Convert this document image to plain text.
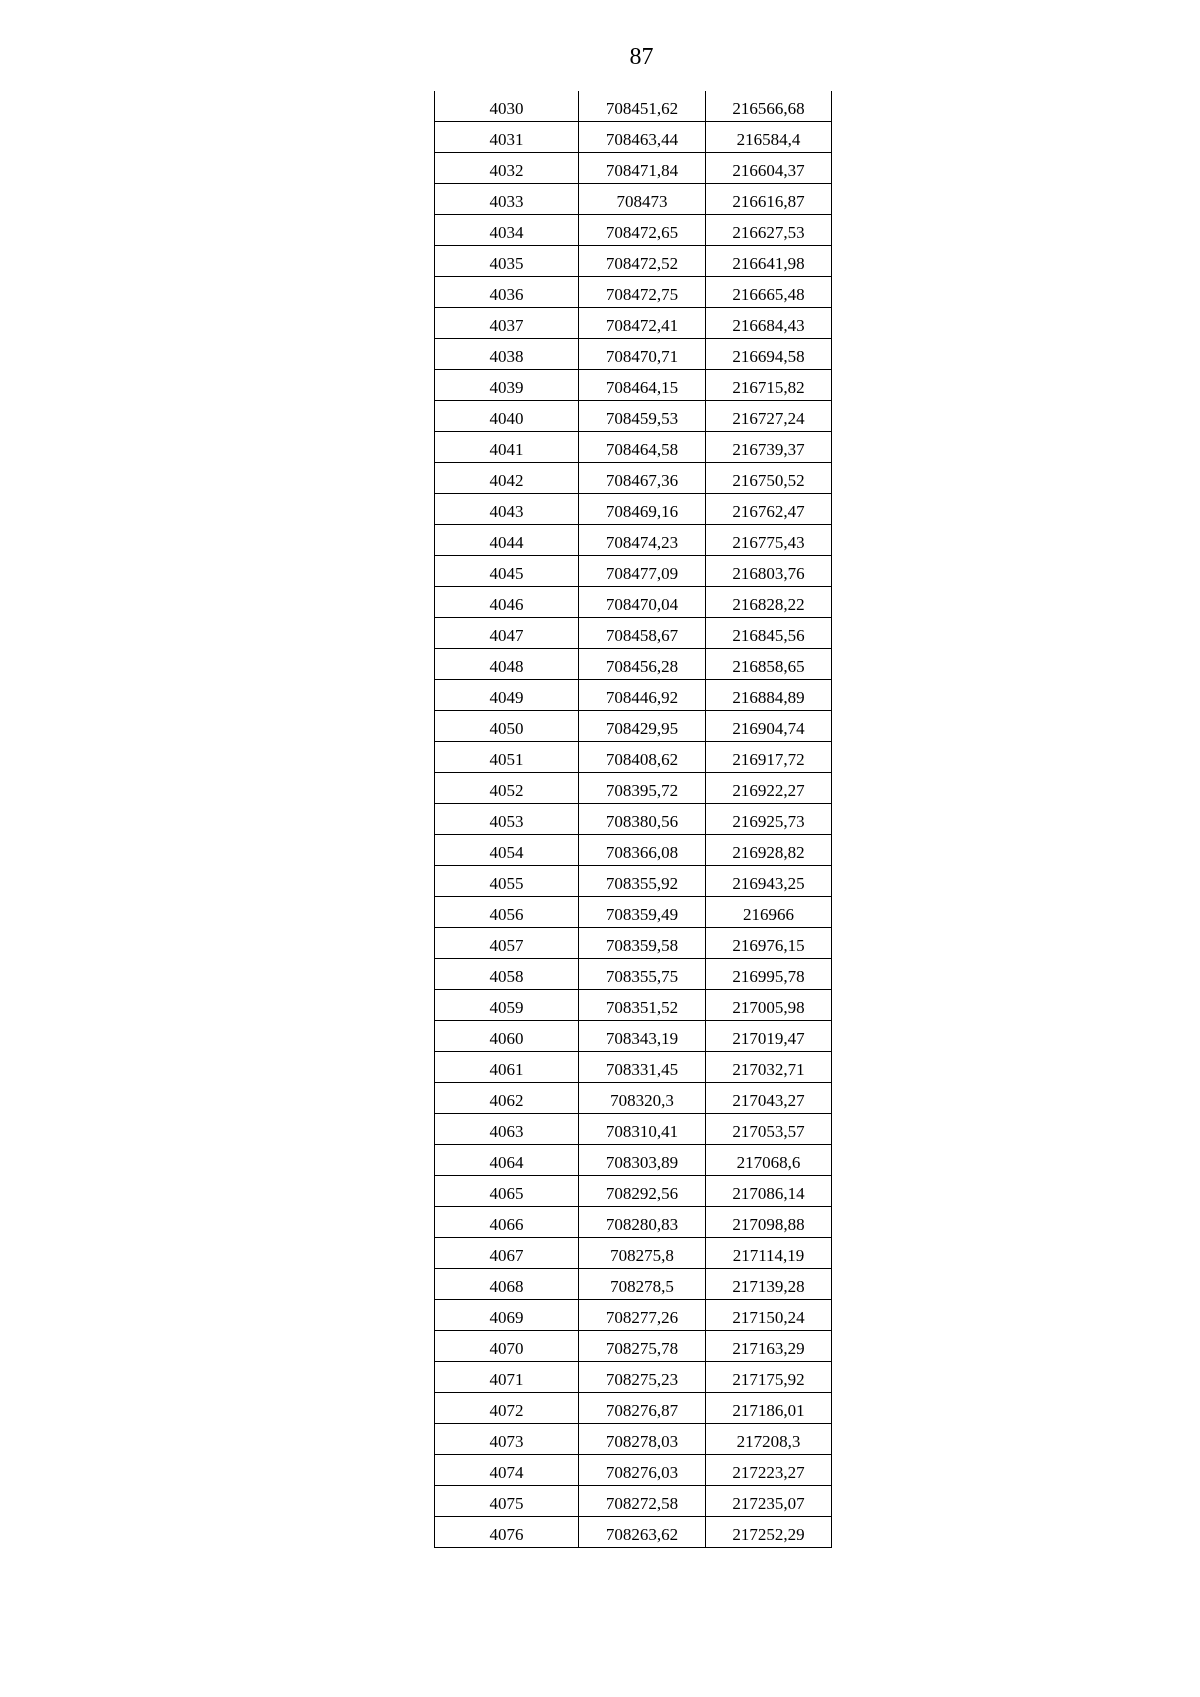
87
4030	708451,62	216566,68
4031	708463,44	216584,4
4032	708471,84	216604,37
4033	708473	216616,87
4034	708472,65	216627,53
4035	708472,52	216641,98
4036	708472,75	216665,48
4037	708472,41	216684,43
4038	708470,71	216694,58
4039	708464,15	216715,82
4040	708459,53	216727,24
4041	708464,58	216739,37
4042	708467,36	216750,52
4043	708469,16	216762,47
4044	708474,23	216775,43
4045	708477,09	216803,76
4046	708470,04	216828,22
4047	708458,67	216845,56
4048	708456,28	216858,65
4049	708446,92	216884,89
4050	708429,95	216904,74
4051	708408,62	216917,72
4052	708395,72	216922,27
4053	708380,56	216925,73
4054	708366,08	216928,82
4055	708355,92	216943,25
4056	708359,49	216966
4057	708359,58	216976,15
4058	708355,75	216995,78
4059	708351,52	217005,98
4060	708343,19	217019,47
4061	708331,45	217032,71
4062	708320,3	217043,27
4063	708310,41	217053,57
4064	708303,89	217068,6
4065	708292,56	217086,14
4066	708280,83	217098,88
4067	708275,8	217114,19
4068	708278,5	217139,28
4069	708277,26	217150,24
4070	708275,78	217163,29
4071	708275,23	217175,92
4072	708276,87	217186,01
4073	708278,03	217208,3
4074	708276,03	217223,27
4075	708272,58	217235,07
4076	708263,62	217252,29
